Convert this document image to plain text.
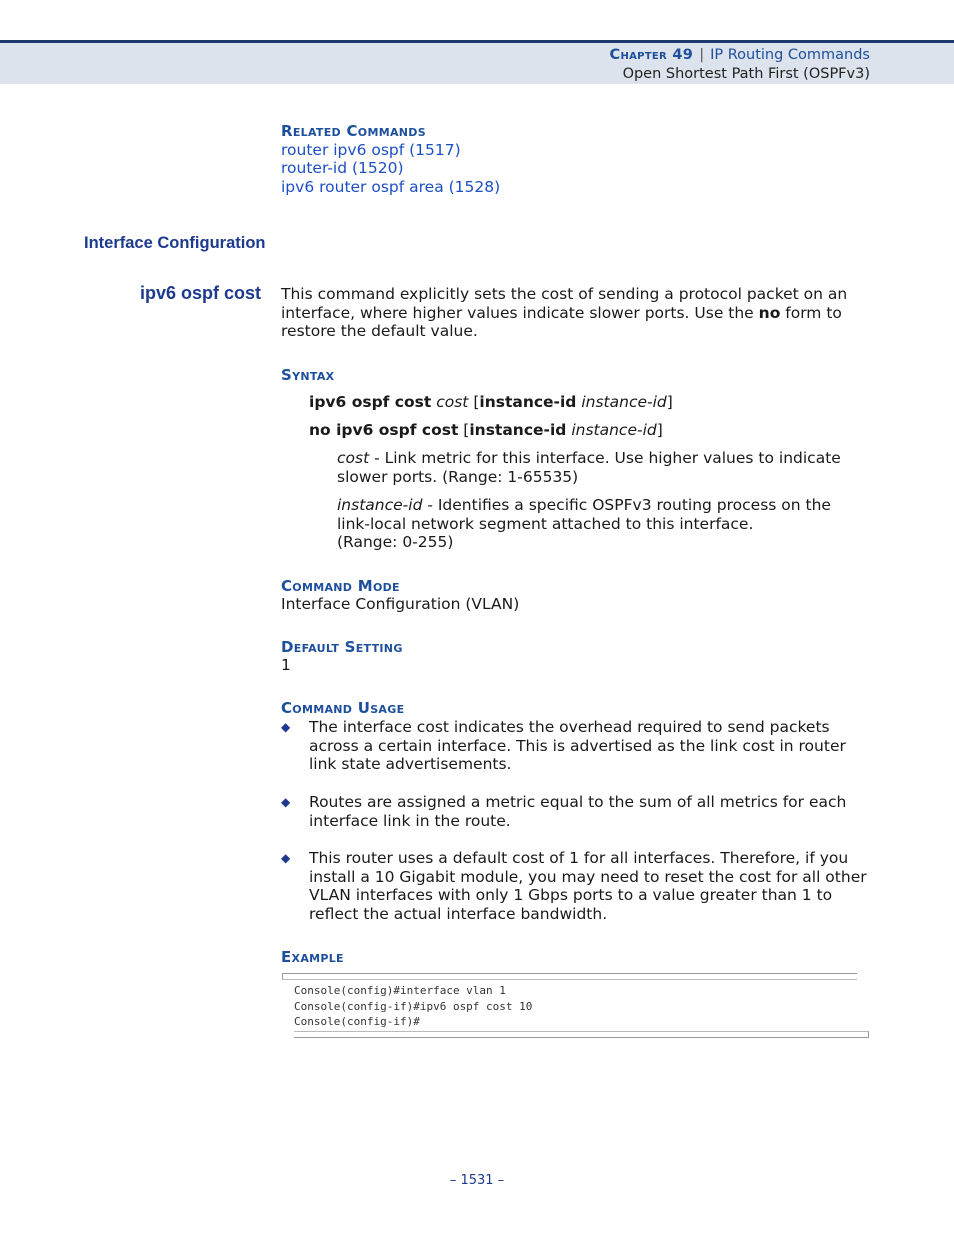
Chapter 49 | IP Routing Commands
Open Shortest Path First (OSPFv3)
Related Commands
router ipv6 ospf (1517)
router-id (1520)
ipv6 router ospf area (1528)
Interface Configuration
ipv6 ospf cost This command explicitly sets the cost of sending a protocol packet on an interface, where higher values indicate slower ports. Use the no form to restore the default value.
Syntax
ipv6 ospf cost cost [instance-id instance-id]
no ipv6 ospf cost [instance-id instance-id]
cost - Link metric for this interface. Use higher values to indicate slower ports. (Range: 1-65535)
instance-id - Identifies a specific OSPFv3 routing process on the link-local network segment attached to this interface.
(Range: 0-255)
Command Mode
Interface Configuration (VLAN)
Default Setting
1
Command Usage
◆ The interface cost indicates the overhead required to send packets across a certain interface. This is advertised as the link cost in router link state advertisements.
◆ Routes are assigned a metric equal to the sum of all metrics for each interface link in the route.
◆ This router uses a default cost of 1 for all interfaces. Therefore, if you install a 10 Gigabit module, you may need to reset the cost for all other VLAN interfaces with only 1 Gbps ports to a value greater than 1 to reflect the actual interface bandwidth.
Example
Console(config)#interface vlan 1
Console(config-if)#ipv6 ospf cost 10
Console(config-if)#
– 1531 –
